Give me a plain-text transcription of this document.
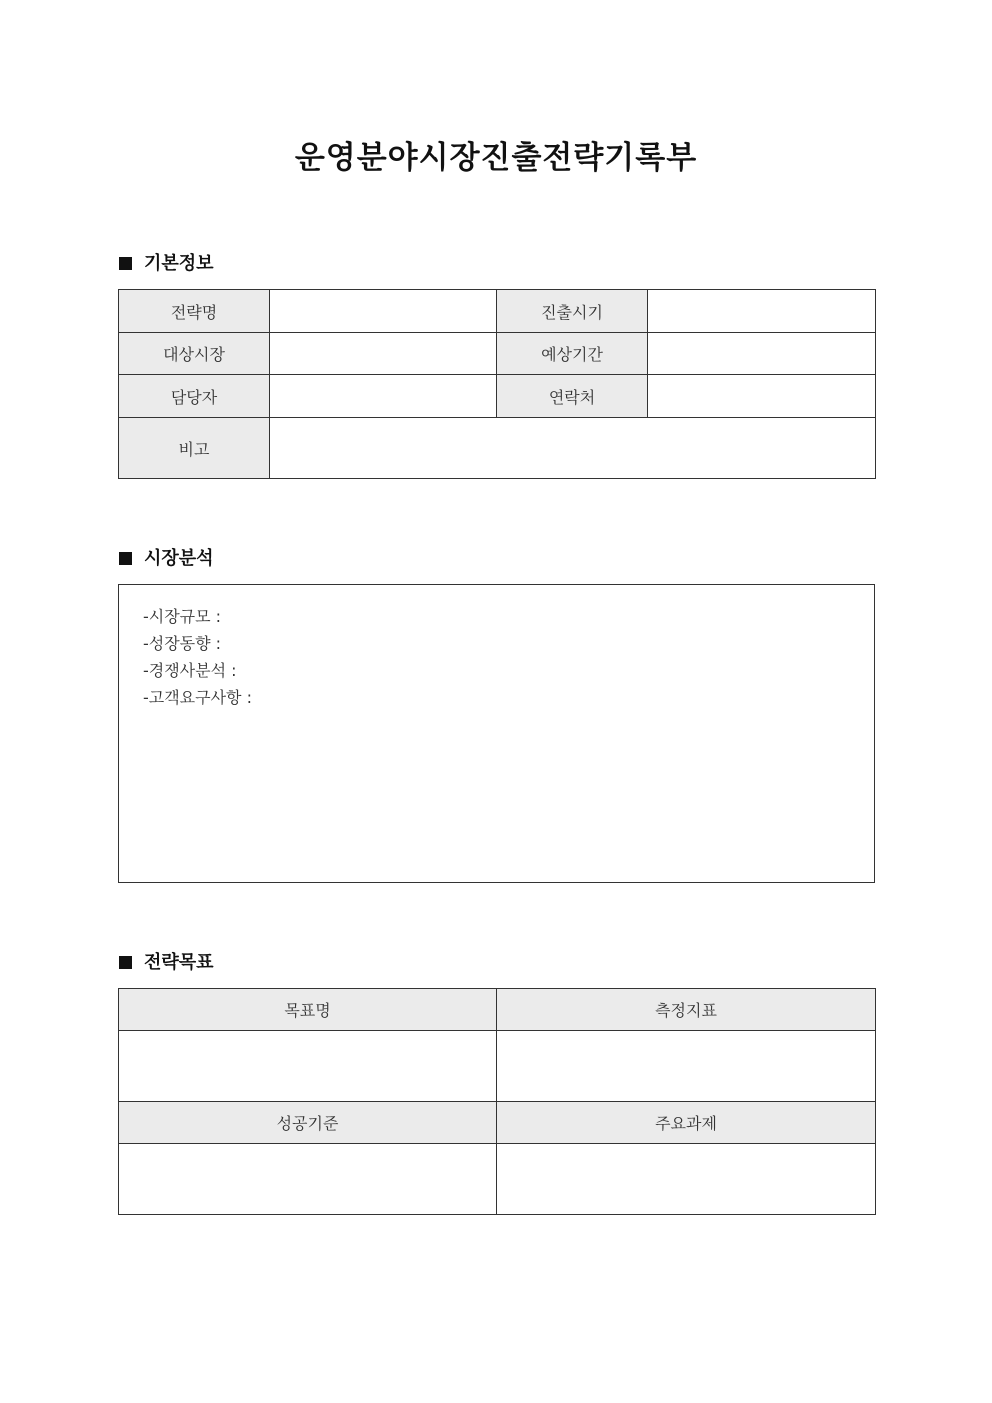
운영분야시장진출전략기록부
기본정보
전략명		진출시기	
대상시장		예상기간	
담당자		연락처	
비고			
시장분석
-시장규모 :
-성장동향 :
-경쟁사분석 :
-고객요구사항 :
전략목표
목표명	측정지표

성공기준	주요과제
